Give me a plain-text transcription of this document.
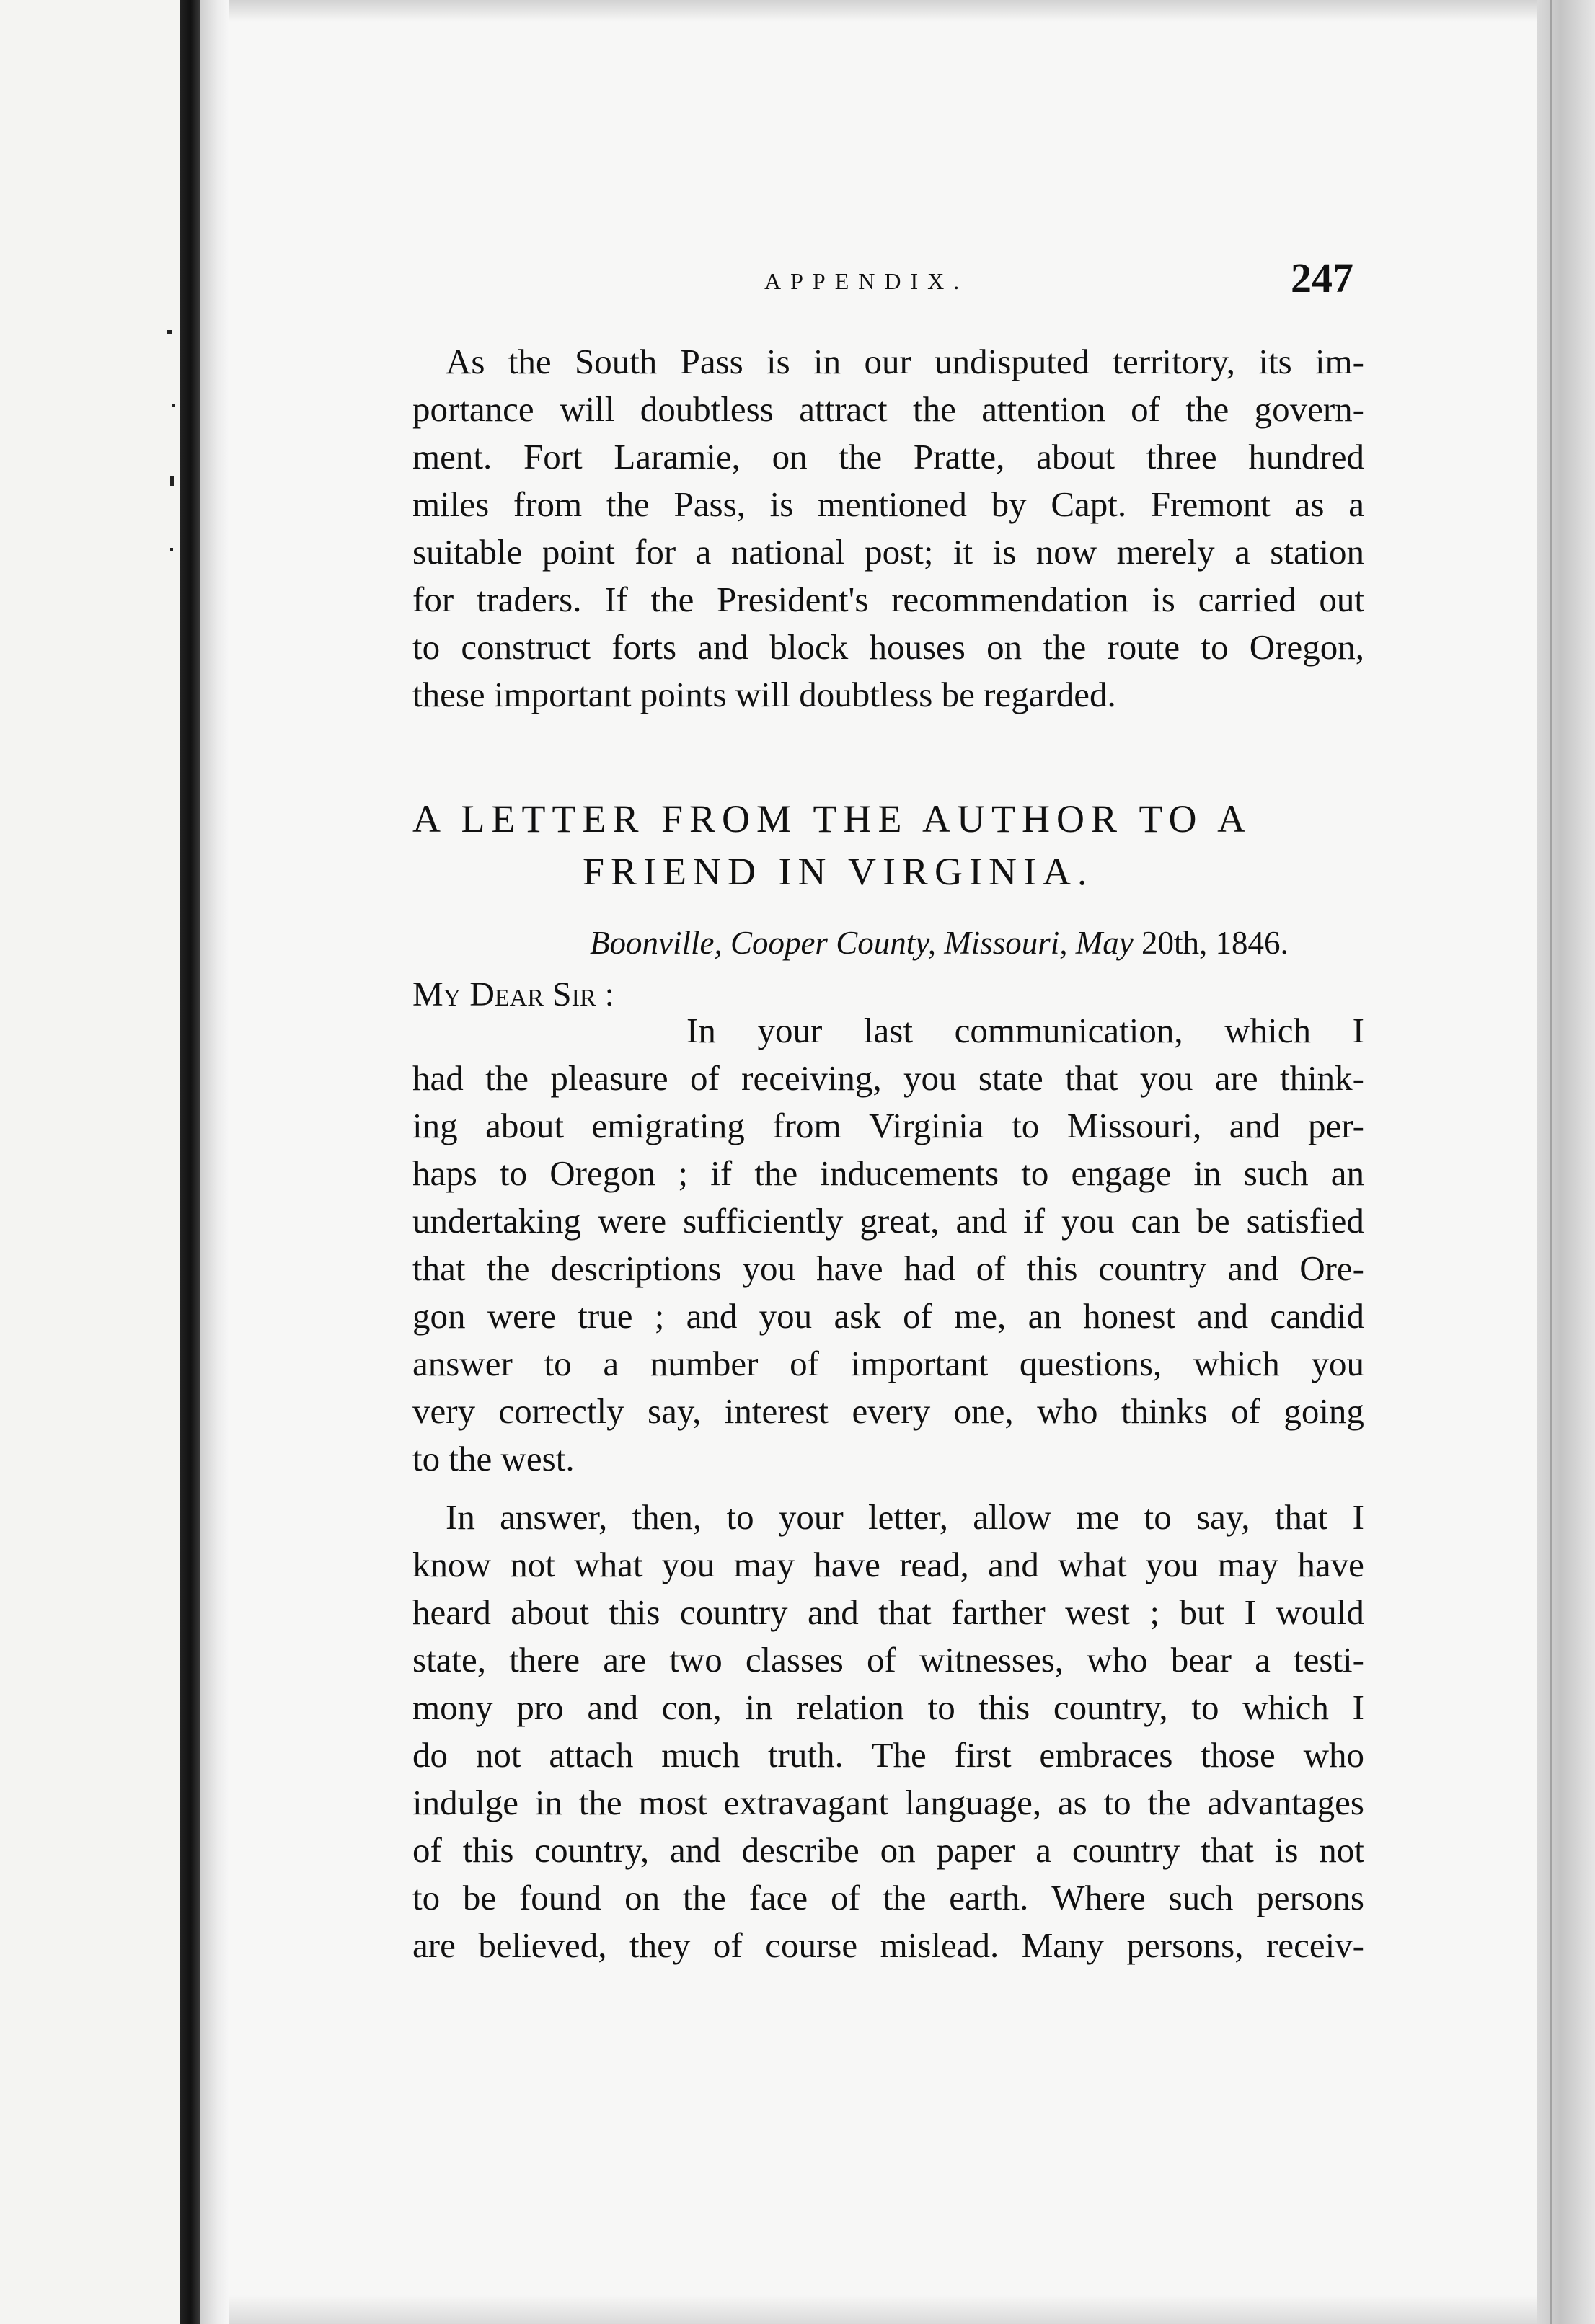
APPENDIX.	247
As the South Pass is in our undisputed territory, its im-
portance will doubtless attract the attention of the govern-
ment. Fort Laramie, on the Pratte, about three hundred
miles from the Pass, is mentioned by Capt. Fremont as a
suitable point for a national post; it is now merely a station
for traders. If the President's recommendation is carried out
to construct forts and block houses on the route to Oregon,
these important points will doubtless be regarded.
A LETTER FROM THE AUTHOR TO A
FRIEND IN VIRGINIA.
Boonville, Cooper County, Missouri, May 20th, 1846.
My Dear Sir :
In your last communication, which I
had the pleasure of receiving, you state that you are think-
ing about emigrating from Virginia to Missouri, and per-
haps to Oregon ; if the inducements to engage in such an
undertaking were sufficiently great, and if you can be satisfied
that the descriptions you have had of this country and Ore-
gon were true ; and you ask of me, an honest and candid
answer to a number of important questions, which you
very correctly say, interest every one, who thinks of going
to the west.
In answer, then, to your letter, allow me to say, that I
know not what you may have read, and what you may have
heard about this country and that farther west ; but I would
state, there are two classes of witnesses, who bear a testi-
mony pro and con, in relation to this country, to which I
do not attach much truth. The first embraces those who
indulge in the most extravagant language, as to the advantages
of this country, and describe on paper a country that is not
to be found on the face of the earth. Where such persons
are believed, they of course mislead. Many persons, receiv-
